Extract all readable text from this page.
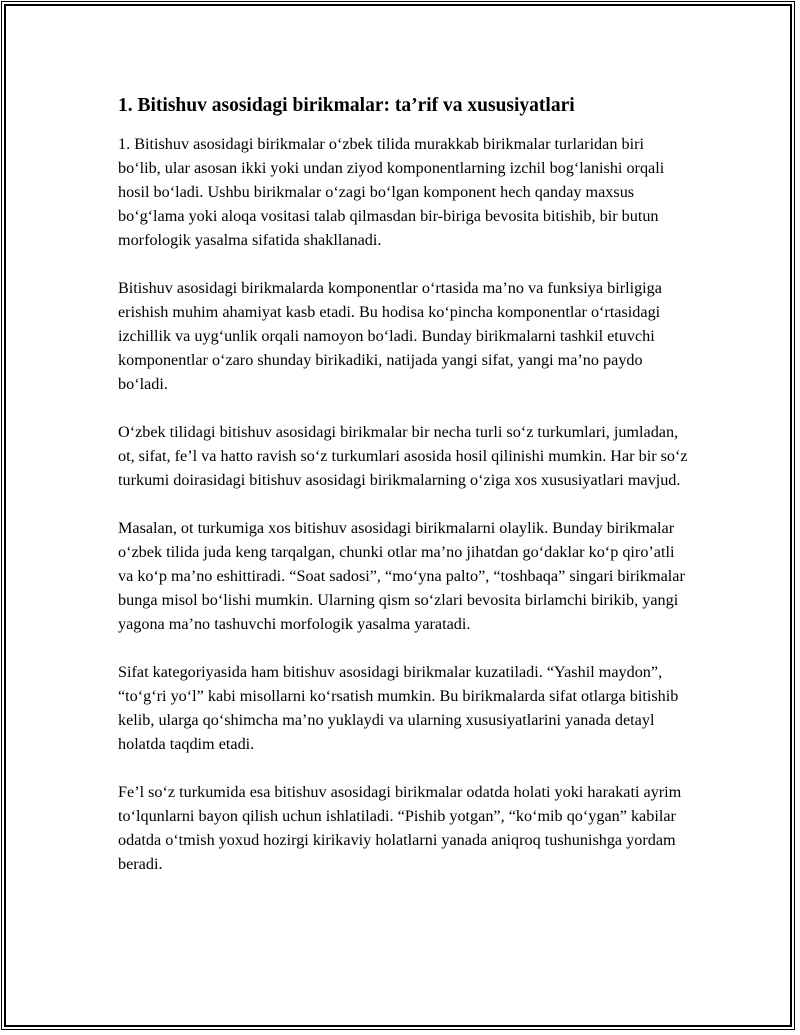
1. Bitishuv asosidagi birikmalar: ta’rif va xususiyatlari

1. Bitishuv asosidagi birikmalar o‘zbek tilida murakkab birikmalar turlaridan biri bo‘lib, ular asosan ikki yoki undan ziyod komponentlarning izchil bog‘lanishi orqali hosil bo‘ladi. Ushbu birikmalar o‘zagi bo‘lgan komponent hech qanday maxsus bo‘g‘lama yoki aloqa vositasi talab qilmasdan bir-biriga bevosita bitishib, bir butun morfologik yasalma sifatida shakllanadi.

Bitishuv asosidagi birikmalarda komponentlar o‘rtasida ma’no va funksiya birligiga erishish muhim ahamiyat kasb etadi. Bu hodisa ko‘pincha komponentlar o‘rtasidagi izchillik va uyg‘unlik orqali namoyon bo‘ladi. Bunday birikmalarni tashkil etuvchi komponentlar o‘zaro shunday birikadiki, natijada yangi sifat, yangi ma’no paydo bo‘ladi.

O‘zbek tilidagi bitishuv asosidagi birikmalar bir necha turli so‘z turkumlari, jumladan, ot, sifat, fe’l va hatto ravish so‘z turkumlari asosida hosil qilinishi mumkin. Har bir so‘z turkumi doirasidagi bitishuv asosidagi birikmalarning o‘ziga xos xususiyatlari mavjud.

Masalan, ot turkumiga xos bitishuv asosidagi birikmalarni olaylik. Bunday birikmalar o‘zbek tilida juda keng tarqalgan, chunki otlar ma’no jihatdan go‘daklar ko‘p qiro’atli va ko‘p ma’no eshittiradi. “Soat sadosi”, “mo‘yna palto”, “toshbaqa” singari birikmalar bunga misol bo‘lishi mumkin. Ularning qism so‘zlari bevosita birlamchi birikib, yangi yagona ma’no tashuvchi morfologik yasalma yaratadi.

Sifat kategoriyasida ham bitishuv asosidagi birikmalar kuzatiladi. “Yashil maydon”, “to‘g‘ri yo‘l” kabi misollarni ko‘rsatish mumkin. Bu birikmalarda sifat otlarga bitishib kelib, ularga qo‘shimcha ma’no yuklaydi va ularning xususiyatlarini yanada detayl holatda taqdim etadi.

Fe’l so‘z turkumida esa bitishuv asosidagi birikmalar odatda holati yoki harakati ayrim to‘lqunlarni bayon qilish uchun ishlatiladi. “Pishib yotgan”, “ko‘mib qo‘ygan” kabilar odatda o‘tmish yoxud hozirgi kirikaviy holatlarni yanada aniqroq tushunishga yordam beradi.
